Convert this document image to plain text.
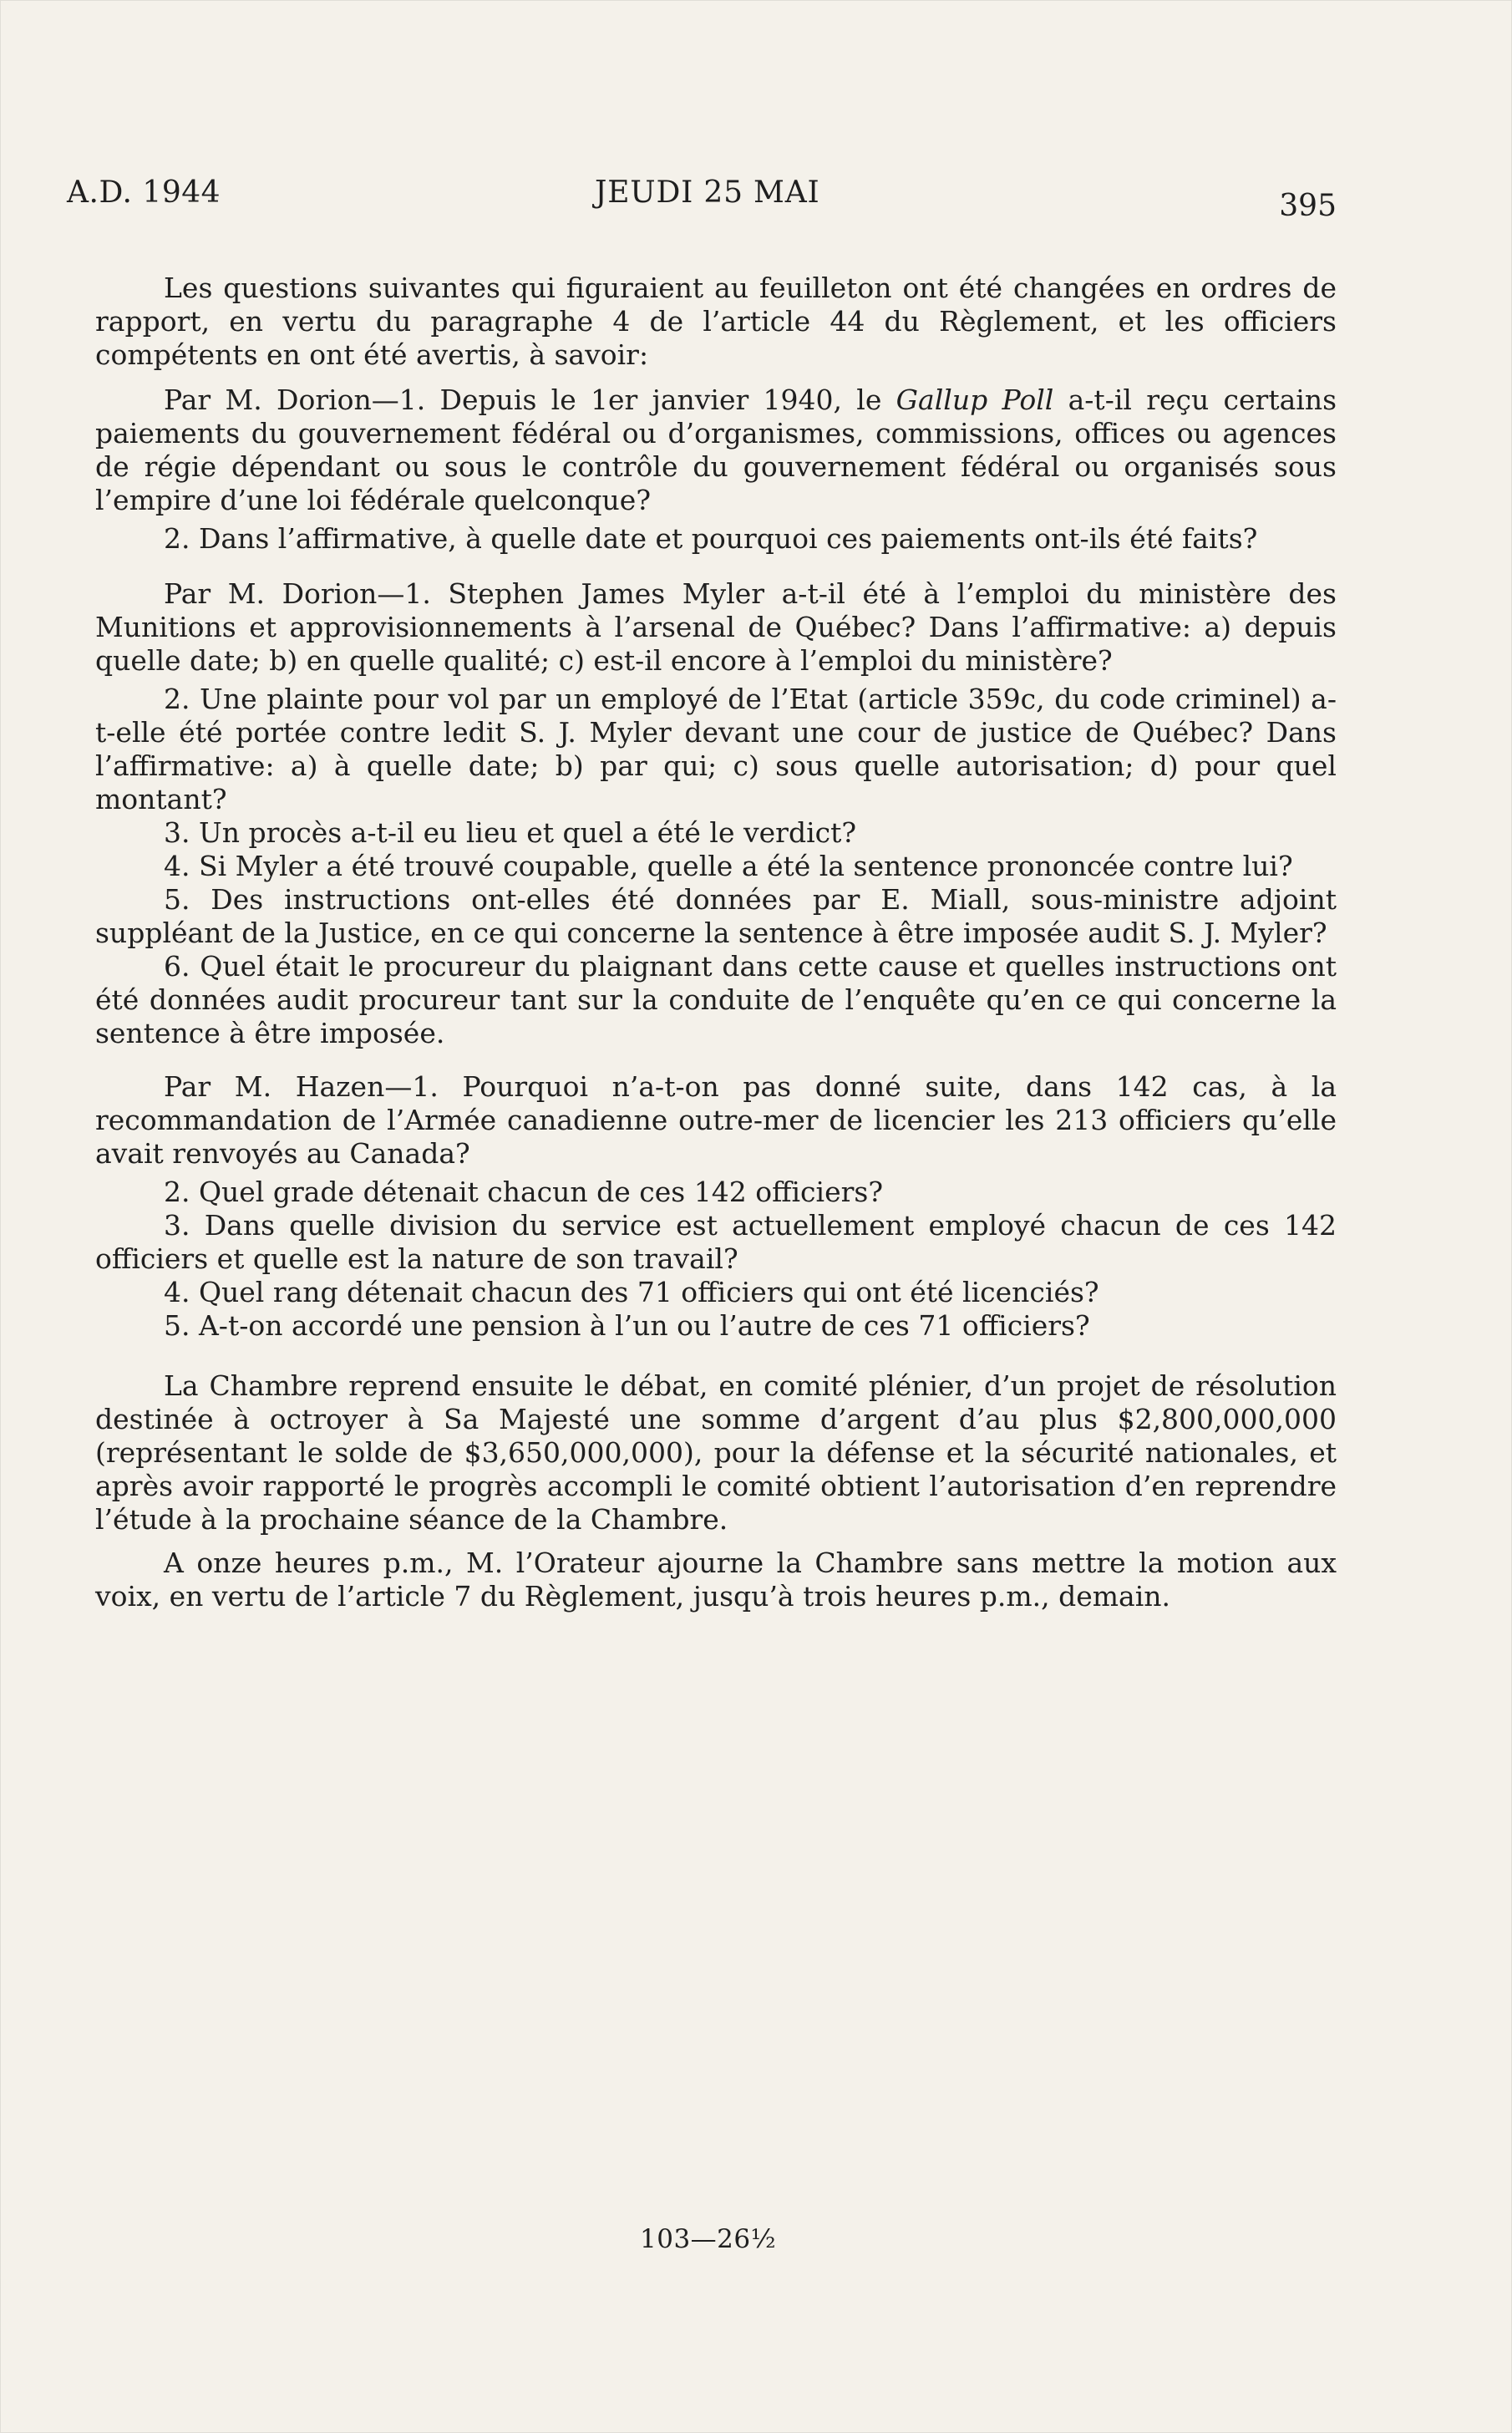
A.D. 1944	JEUDI 25 MAI	395

Les questions suivantes qui figuraient au feuilleton ont été changées en ordres de rapport, en vertu du paragraphe 4 de l’article 44 du Règlement, et les officiers compétents en ont été avertis, à savoir:

Par M. Dorion—1. Depuis le 1er janvier 1940, le Gallup Poll a-t-il reçu certains paiements du gouvernement fédéral ou d’organismes, commissions, offices ou agences de régie dépendant ou sous le contrôle du gouvernement fédéral ou organisés sous l’empire d’une loi fédérale quelconque?

2. Dans l’affirmative, à quelle date et pourquoi ces paiements ont-ils été faits?

Par M. Dorion—1. Stephen James Myler a-t-il été à l’emploi du ministère des Munitions et approvisionnements à l’arsenal de Québec? Dans l’affirmative: a) depuis quelle date; b) en quelle qualité; c) est-il encore à l’emploi du ministère?

2. Une plainte pour vol par un employé de l’Etat (article 359c, du code criminel) a-t-elle été portée contre ledit S. J. Myler devant une cour de justice de Québec? Dans l’affirmative: a) à quelle date; b) par qui; c) sous quelle autorisation; d) pour quel montant?

3. Un procès a-t-il eu lieu et quel a été le verdict?

4. Si Myler a été trouvé coupable, quelle a été la sentence prononcée contre lui?

5. Des instructions ont-elles été données par E. Miall, sous-ministre adjoint suppléant de la Justice, en ce qui concerne la sentence à être imposée audit S. J. Myler?

6. Quel était le procureur du plaignant dans cette cause et quelles instructions ont été données audit procureur tant sur la conduite de l’enquête qu’en ce qui concerne la sentence à être imposée.

Par M. Hazen—1. Pourquoi n’a-t-on pas donné suite, dans 142 cas, à la recommandation de l’Armée canadienne outre-mer de licencier les 213 officiers qu’elle avait renvoyés au Canada?

2. Quel grade détenait chacun de ces 142 officiers?

3. Dans quelle division du service est actuellement employé chacun de ces 142 officiers et quelle est la nature de son travail?

4. Quel rang détenait chacun des 71 officiers qui ont été licenciés?

5. A-t-on accordé une pension à l’un ou l’autre de ces 71 officiers?

La Chambre reprend ensuite le débat, en comité plénier, d’un projet de résolution destinée à octroyer à Sa Majesté une somme d’argent d’au plus $2,800,000,000 (représentant le solde de $3,650,000,000), pour la défense et la sécurité nationales, et après avoir rapporté le progrès accompli le comité obtient l’autorisation d’en reprendre l’étude à la prochaine séance de la Chambre.

A onze heures p.m., M. l’Orateur ajourne la Chambre sans mettre la motion aux voix, en vertu de l’article 7 du Règlement, jusqu’à trois heures p.m., demain.

103—26½
